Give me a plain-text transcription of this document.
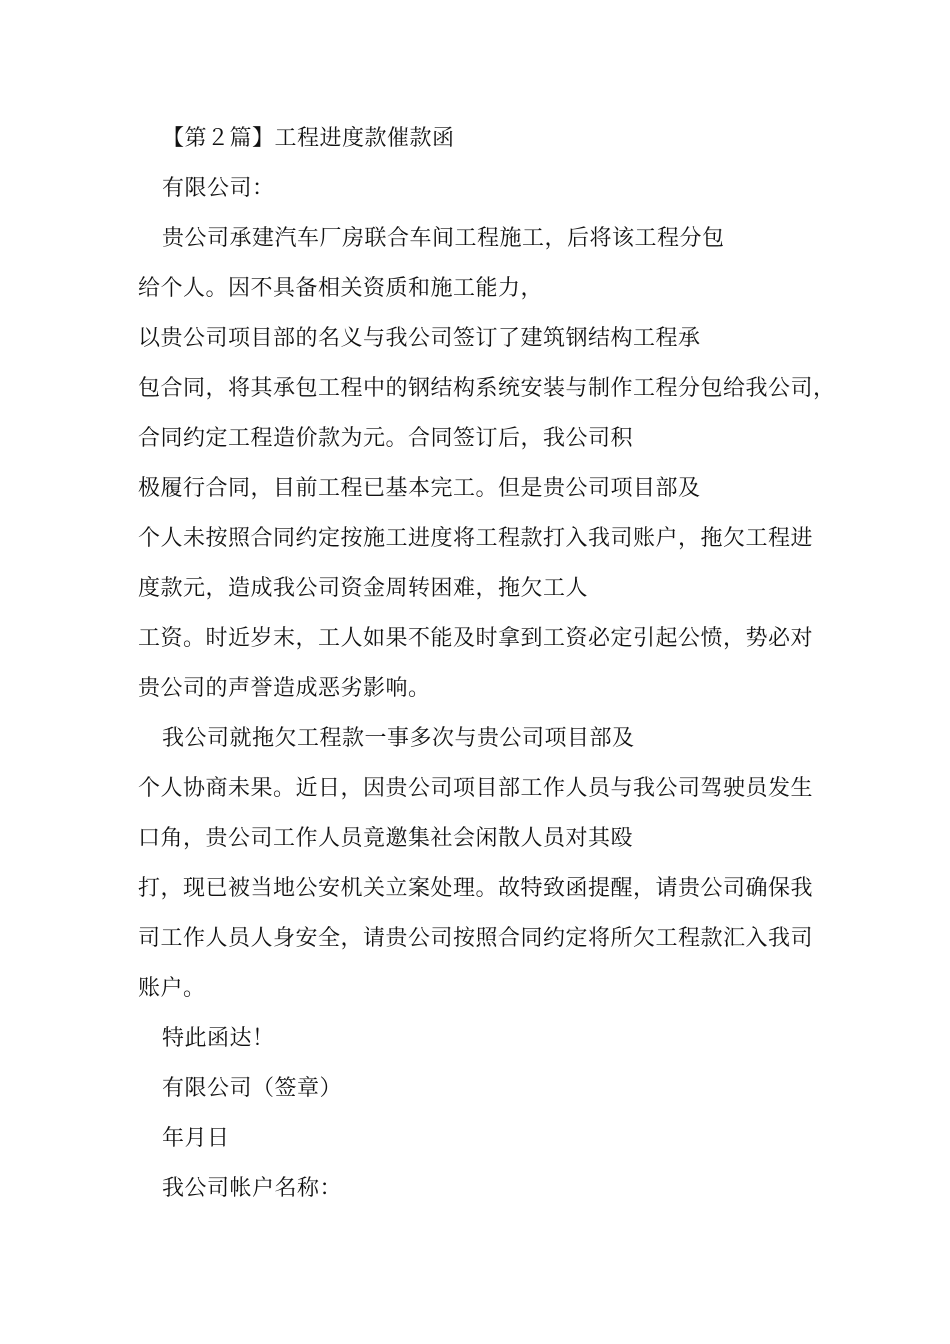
【第２篇】工程进度款催款函
有限公司：
贵公司承建汽车厂房联合车间工程施工，后将该工程分包
给个人。因不具备相关资质和施工能力，
以贵公司项目部的名义与我公司签订了建筑钢结构工程承
包合同，将其承包工程中的钢结构系统安装与制作工程分包给我公司，
合同约定工程造价款为元。合同签订后，我公司积
极履行合同，目前工程已基本完工。但是贵公司项目部及
个人未按照合同约定按施工进度将工程款打入我司账户，拖欠工程进
度款元，造成我公司资金周转困难，拖欠工人
工资。时近岁末，工人如果不能及时拿到工资必定引起公愤，势必对
贵公司的声誉造成恶劣影响。
我公司就拖欠工程款一事多次与贵公司项目部及
个人协商未果。近日，因贵公司项目部工作人员与我公司驾驶员发生
口角，贵公司工作人员竟邀集社会闲散人员对其殴
打，现已被当地公安机关立案处理。故特致函提醒，请贵公司确保我
司工作人员人身安全，请贵公司按照合同约定将所欠工程款汇入我司
账户。
特此函达！
有限公司（签章）
年月日
我公司帐户名称：
